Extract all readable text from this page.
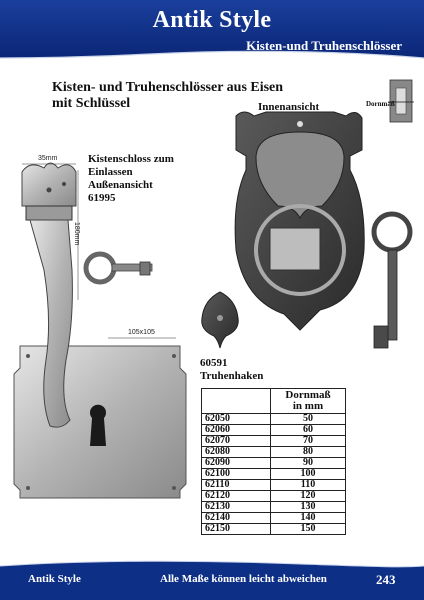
Antik Style
Kisten-und Truhenschlösser
Kisten- und Truhenschlösser aus Eisen
mit Schlüssel
35mm
180mm
105x105
Dornmaß
Innenansicht
Kistenschloss zum
Einlassen
Außenansicht
61995
60591
Truhenhaken

	Dornmaß
in mm

62050	50
62060	60
62070	70
62080	80
62090	90
62100	100
62110	110
62120	120
62130	130
62140	140
62150	150
Antik Style	Alle Maße können leicht abweichen	243
